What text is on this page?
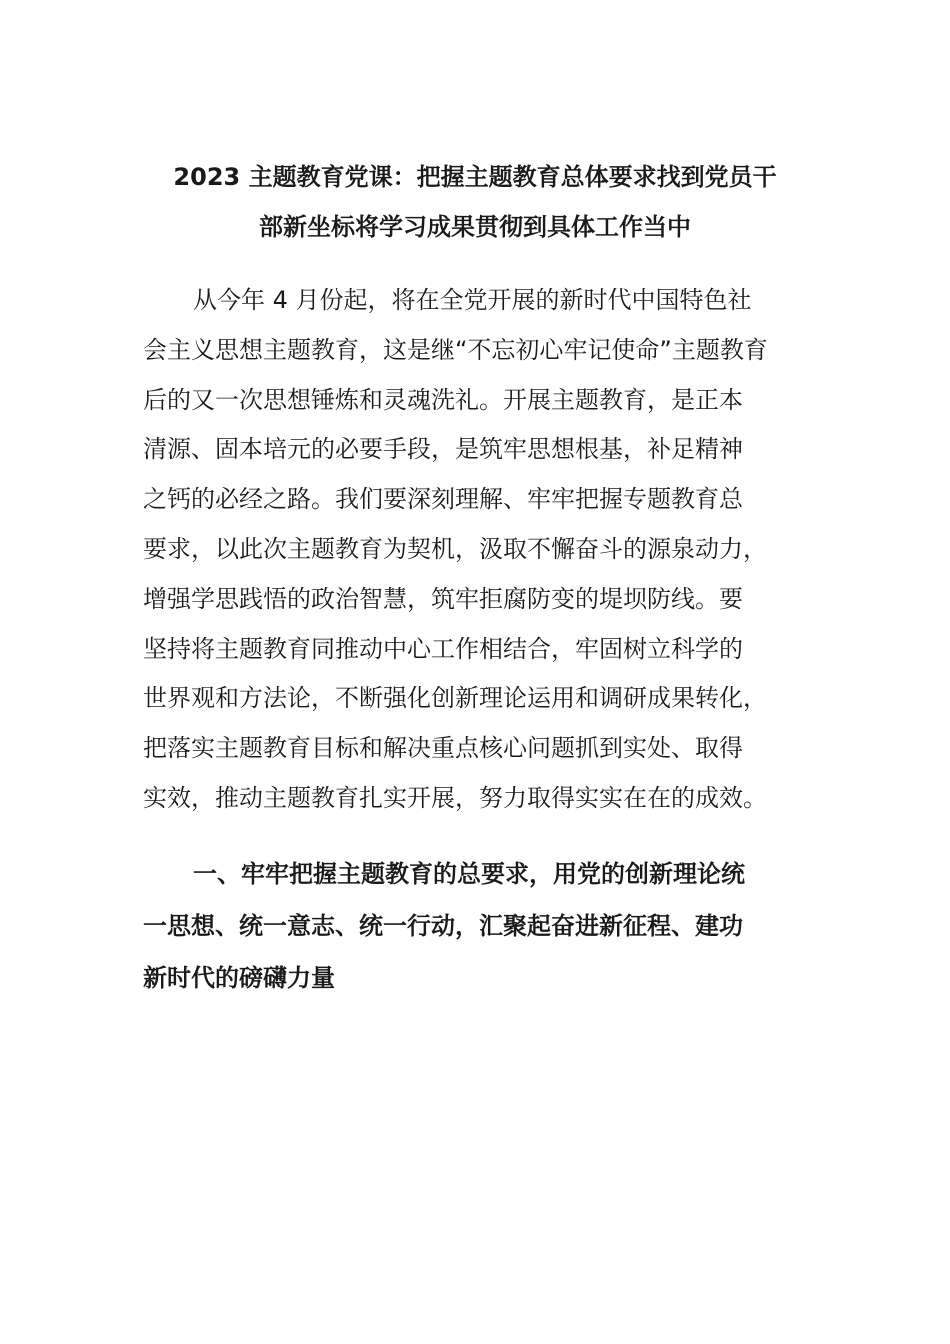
2023 主题教育党课：把握主题教育总体要求找到党员干
部新坐标将学习成果贯彻到具体工作当中
从今年 4 月份起，将在全党开展的新时代中国特色社
会主义思想主题教育，这是继“不忘初心牢记使命”主题教育
后的又一次思想锤炼和灵魂洗礼。开展主题教育，是正本
清源、固本培元的必要手段，是筑牢思想根基，补足精神
之钙的必经之路。我们要深刻理解、牢牢把握专题教育总
要求，以此次主题教育为契机，汲取不懈奋斗的源泉动力，
增强学思践悟的政治智慧，筑牢拒腐防变的堤坝防线。要
坚持将主题教育同推动中心工作相结合，牢固树立科学的
世界观和方法论，不断强化创新理论运用和调研成果转化，
把落实主题教育目标和解决重点核心问题抓到实处、取得
实效，推动主题教育扎实开展，努力取得实实在在的成效。
一、牢牢把握主题教育的总要求，用党的创新理论统
一思想、统一意志、统一行动，汇聚起奋进新征程、建功
新时代的磅礴力量
